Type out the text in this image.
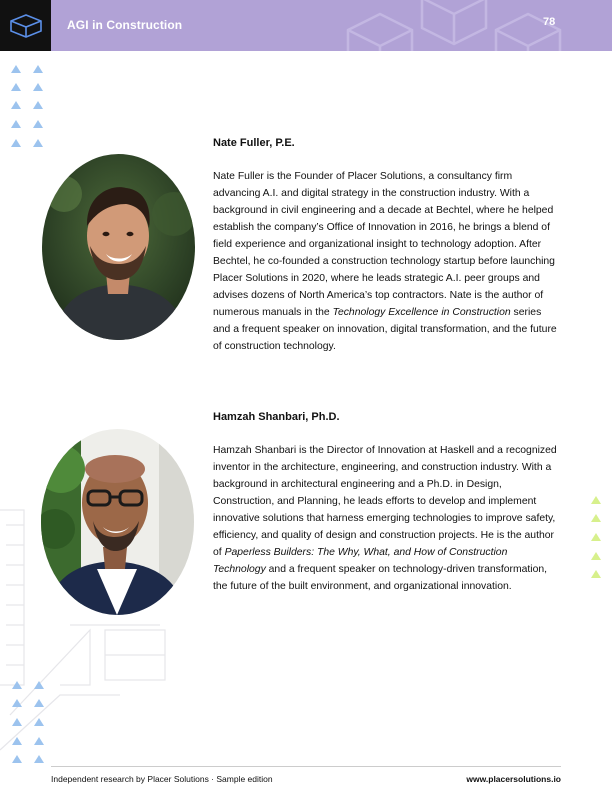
AGI in Construction	78
Nate Fuller, P.E.

Nate Fuller is the Founder of Placer Solutions, a consultancy firm advancing A.I. and digital strategy in the construction industry. With a background in civil engineering and a decade at Bechtel, where he helped establish the company’s Office of Innovation in 2016, he brings a blend of field experience and organizational insight to technology adoption. After Bechtel, he co-founded a construction technology startup before launching Placer Solutions in 2020, where he leads strategic A.I. peer groups and advises dozens of North America’s top contractors. Nate is the author of numerous manuals in the Technology Excellence in Construction series and a frequent speaker on innovation, digital transformation, and the future of construction technology.

Hamzah Shanbari, Ph.D.

Hamzah Shanbari is the Director of Innovation at Haskell and a recognized inventor in the architecture, engineering, and construction industry. With a background in architectural engineering and a Ph.D. in Design, Construction, and Planning, he leads efforts to develop and implement innovative solutions that harness emerging technologies to improve safety, efficiency, and quality of design and construction projects. He is the author of Paperless Builders: The Why, What, and How of Construction Technology and a frequent speaker on technology-driven transformation, the future of the built environment, and organizational innovation.

Independent research by Placer Solutions · Sample edition	www.placersolutions.io
